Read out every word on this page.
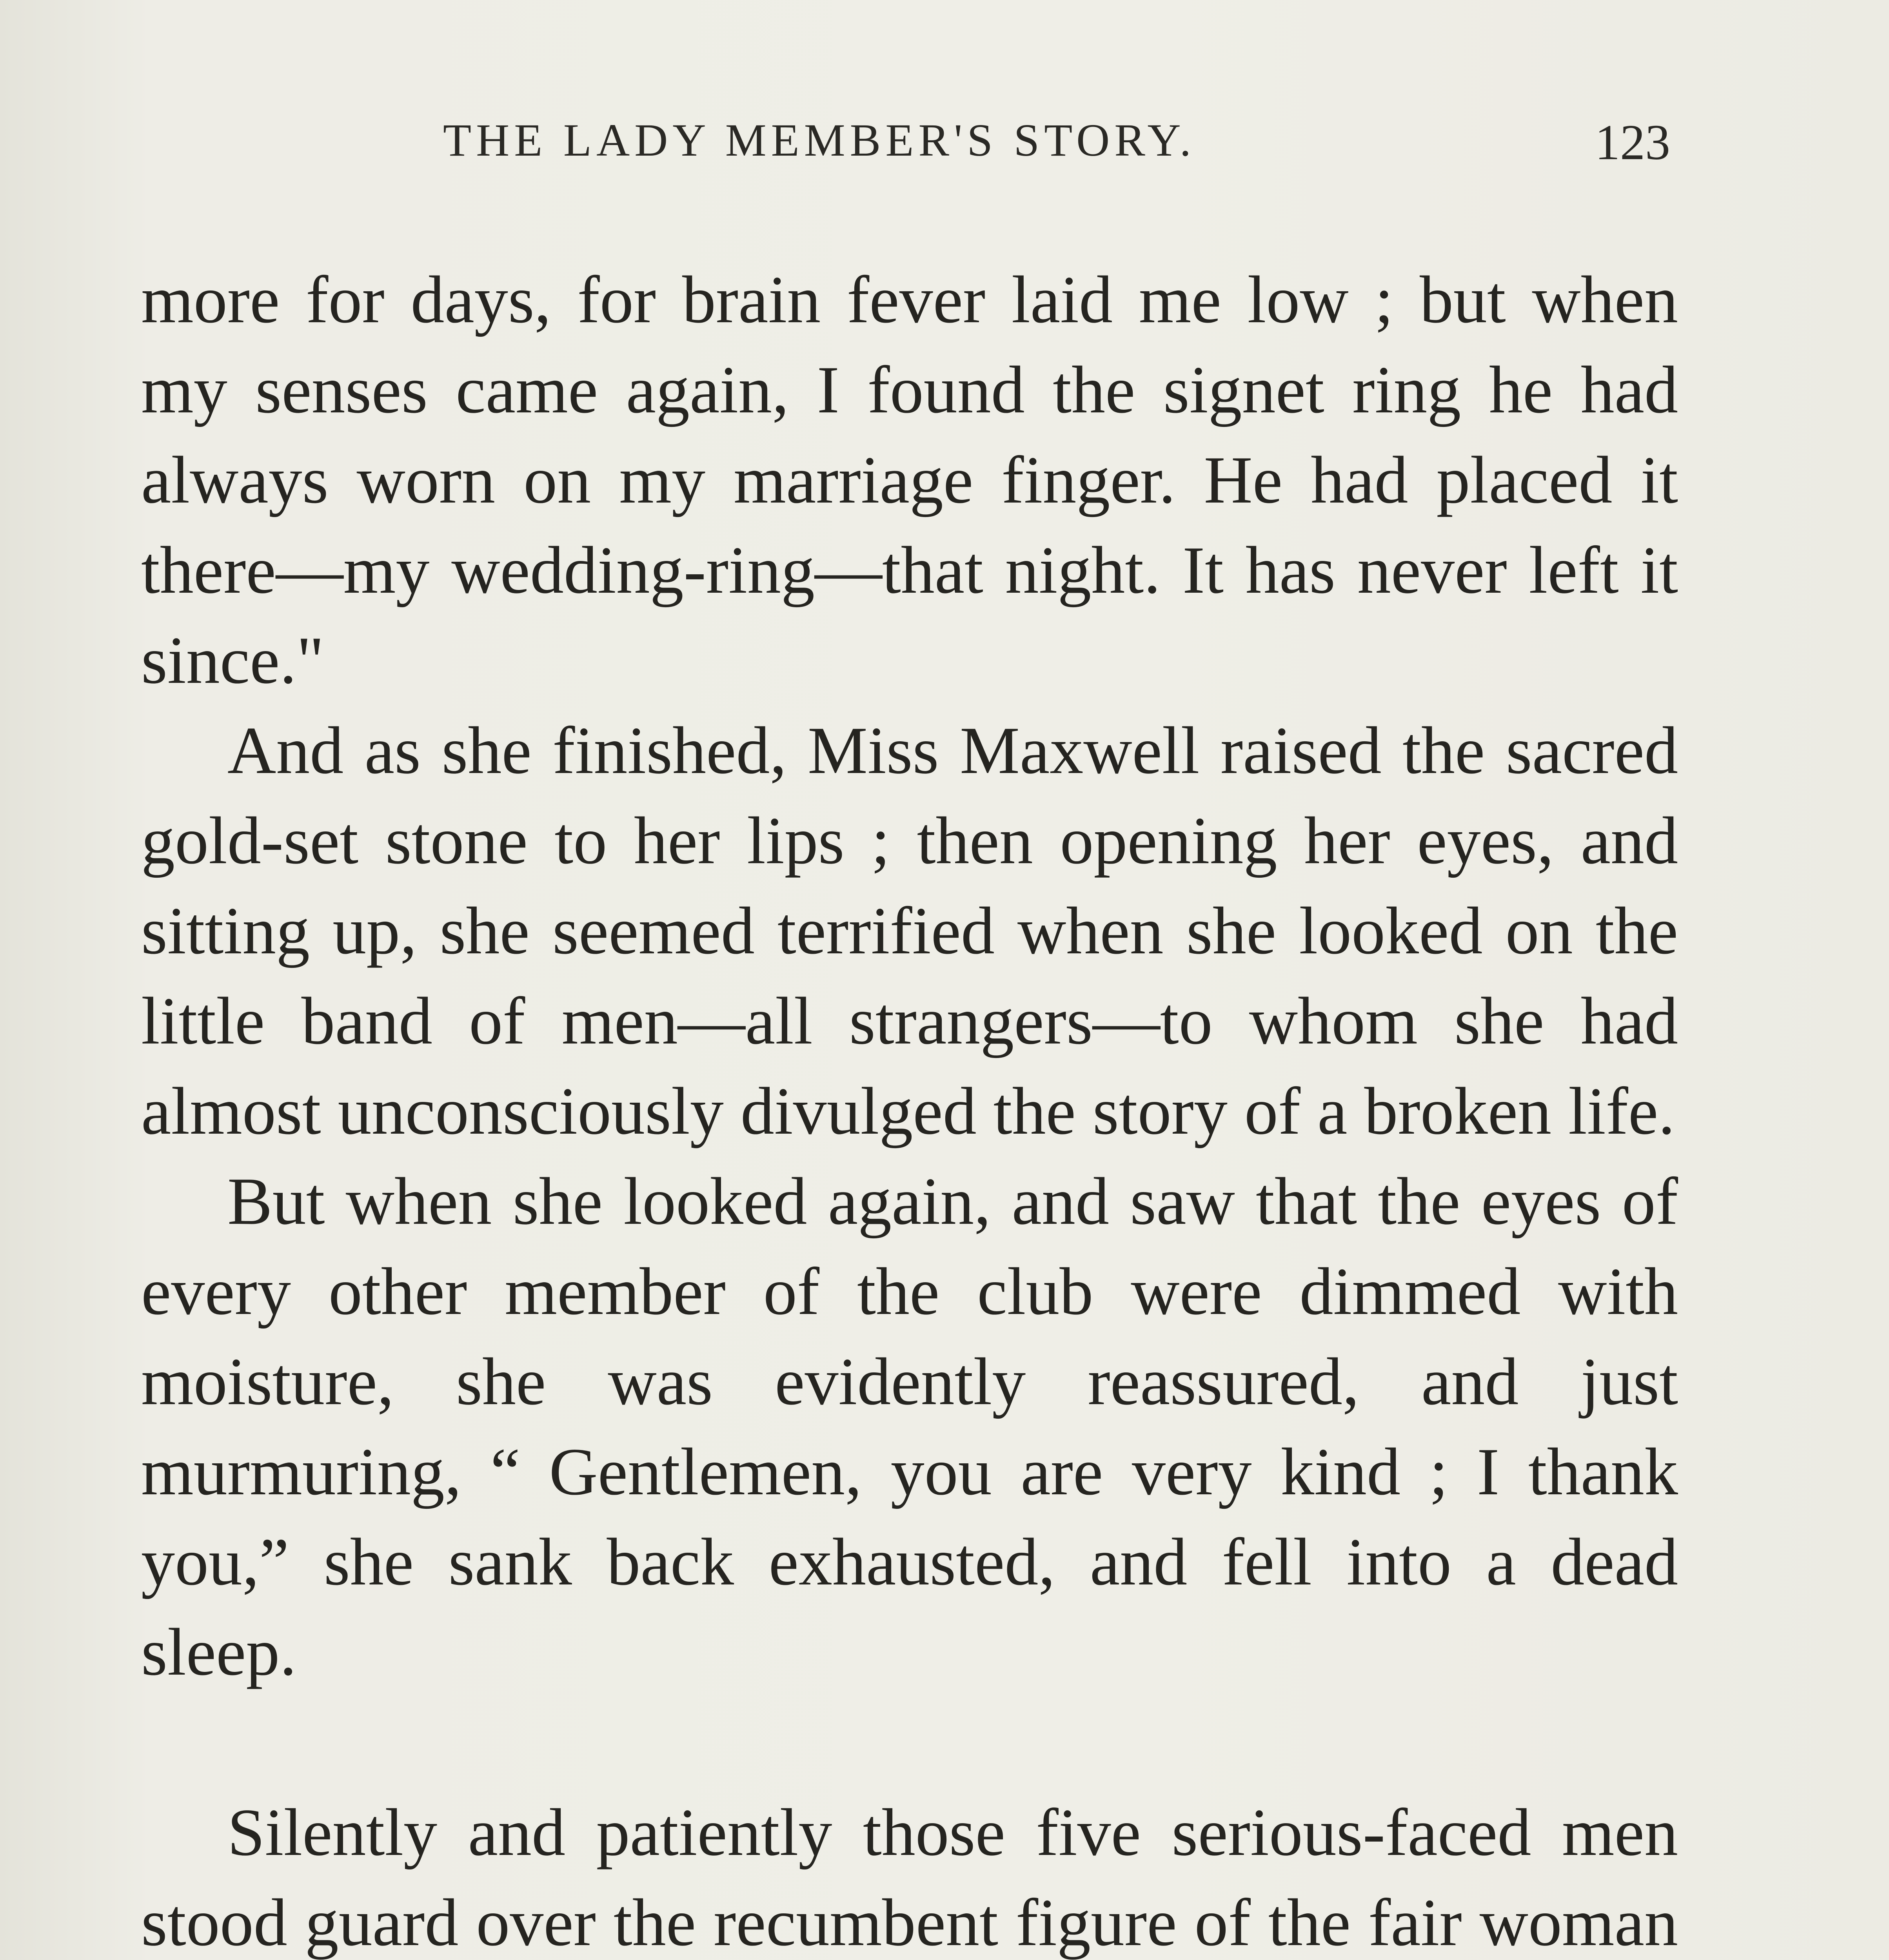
THE LADY MEMBER'S STORY.	123

more for days, for brain fever laid me low ; but when my senses came again, I found the signet ring he had always worn on my marriage finger. He had placed it there—my wedding-ring—that night. It has never left it since."

And as she finished, Miss Maxwell raised the sacred gold-set stone to her lips ; then opening her eyes, and sitting up, she seemed terrified when she looked on the little band of men—all strangers—to whom she had almost unconsciously divulged the story of a broken life.

But when she looked again, and saw that the eyes of every other member of the club were dimmed with moisture, she was evidently reassured, and just murmuring, “ Gentlemen, you are very kind ; I thank you,” she sank back exhausted, and fell into a dead sleep.

Silently and patiently those five serious-faced men stood guard over the recumbent figure of the fair woman
